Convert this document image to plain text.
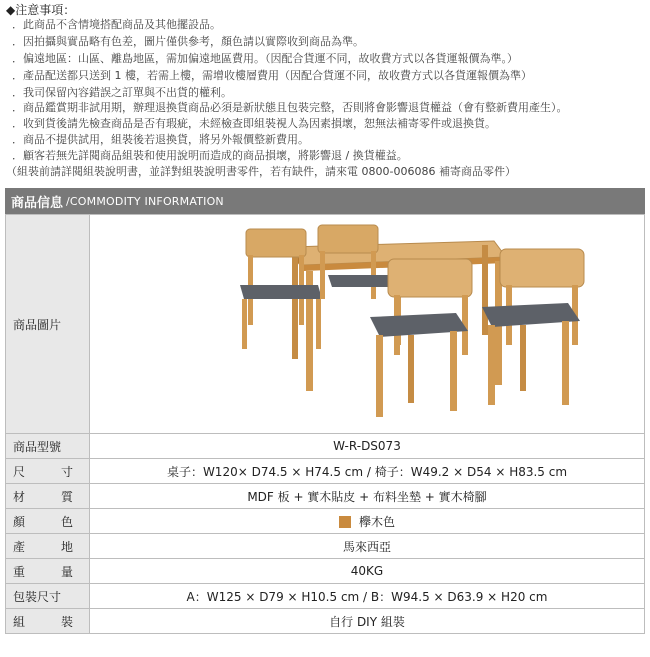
◆注意事項：
．此商品不含情境搭配商品及其他擺設品。
．因拍攝與實品略有色差，圖片僅供參考，顏色請以實際收到商品為準。
．偏遠地區：山區、離島地區，需加偏遠地區費用。（因配合貨運不同，故收費方式以各貨運報價為準。）
．產品配送都只送到 1 樓，若需上樓，需增收樓層費用（因配合貨運不同，故收費方式以各貨運報價為準）
．我司保留內容錯誤之訂單與不出貨的權利。
．商品鑑賞期非試用期，辦理退換貨商品必須是新狀態且包裝完整，否則將會影響退貨權益（會有整新費用產生）。
．收到貨後請先檢查商品是否有瑕疵，未經檢查即組裝視人為因素損壞，恕無法補寄零件或退換貨。
．商品不提供試用，組裝後若退換貨，將另外報價整新費用。
．顧客若無先詳閱商品組裝和使用說明而造成的商品損壞，將影響退 / 換貨權益。
（組裝前請詳閱組裝說明書，並詳對組裝說明書零件，若有缺件，請來電 0800-006086 補寄商品零件）
商品信息 /COMMODITY INFORMATION
商品圖片	

商品型號	W-R-DS073
尺寸	桌子：W120× D74.5 × H74.5 cm / 椅子：W49.2 × D54 × H83.5 cm
材質	MDF 板 + 實木貼皮 + 布料坐墊 + 實木椅腳
顏色	欅木色
產地	馬來西亞
重量	40KG
包裝尺寸	A：W125 × D79 × H10.5 cm / B：W94.5 × D63.9 × H20 cm
組裝	自行 DIY 組裝
